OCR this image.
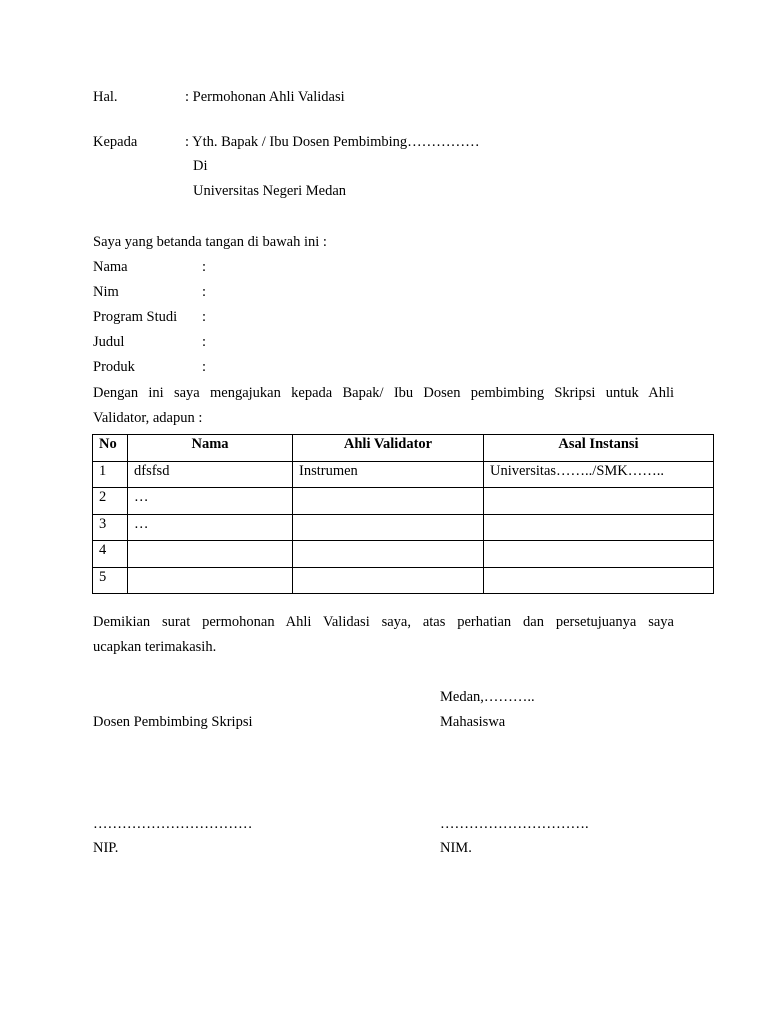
Hal.	: Permohonan Ahli Validasi
Kepada	: Yth. Bapak / Ibu Dosen Pembimbing……………
Di
Universitas Negeri Medan
Saya yang betanda tangan di bawah ini :
Nama	:
Nim	:
Program Studi :
Judul	:
Produk	:
Dengan ini saya mengajukan kepada Bapak/ Ibu Dosen pembimbing Skripsi untuk Ahli
Validator, adapun :
No	Nama	Ahli Validator	Asal Instansi
1	dfsfsd	Instrumen	Universitas……../SMK……..
2	…		
3	…		
4			
5			
Demikian surat permohonan Ahli Validasi saya, atas perhatian dan persetujuanya saya
ucapkan terimakasih.
Medan,………..
Dosen Pembimbing Skripsi	Mahasiswa
……………………………	………………………….
NIP.	NIM.
